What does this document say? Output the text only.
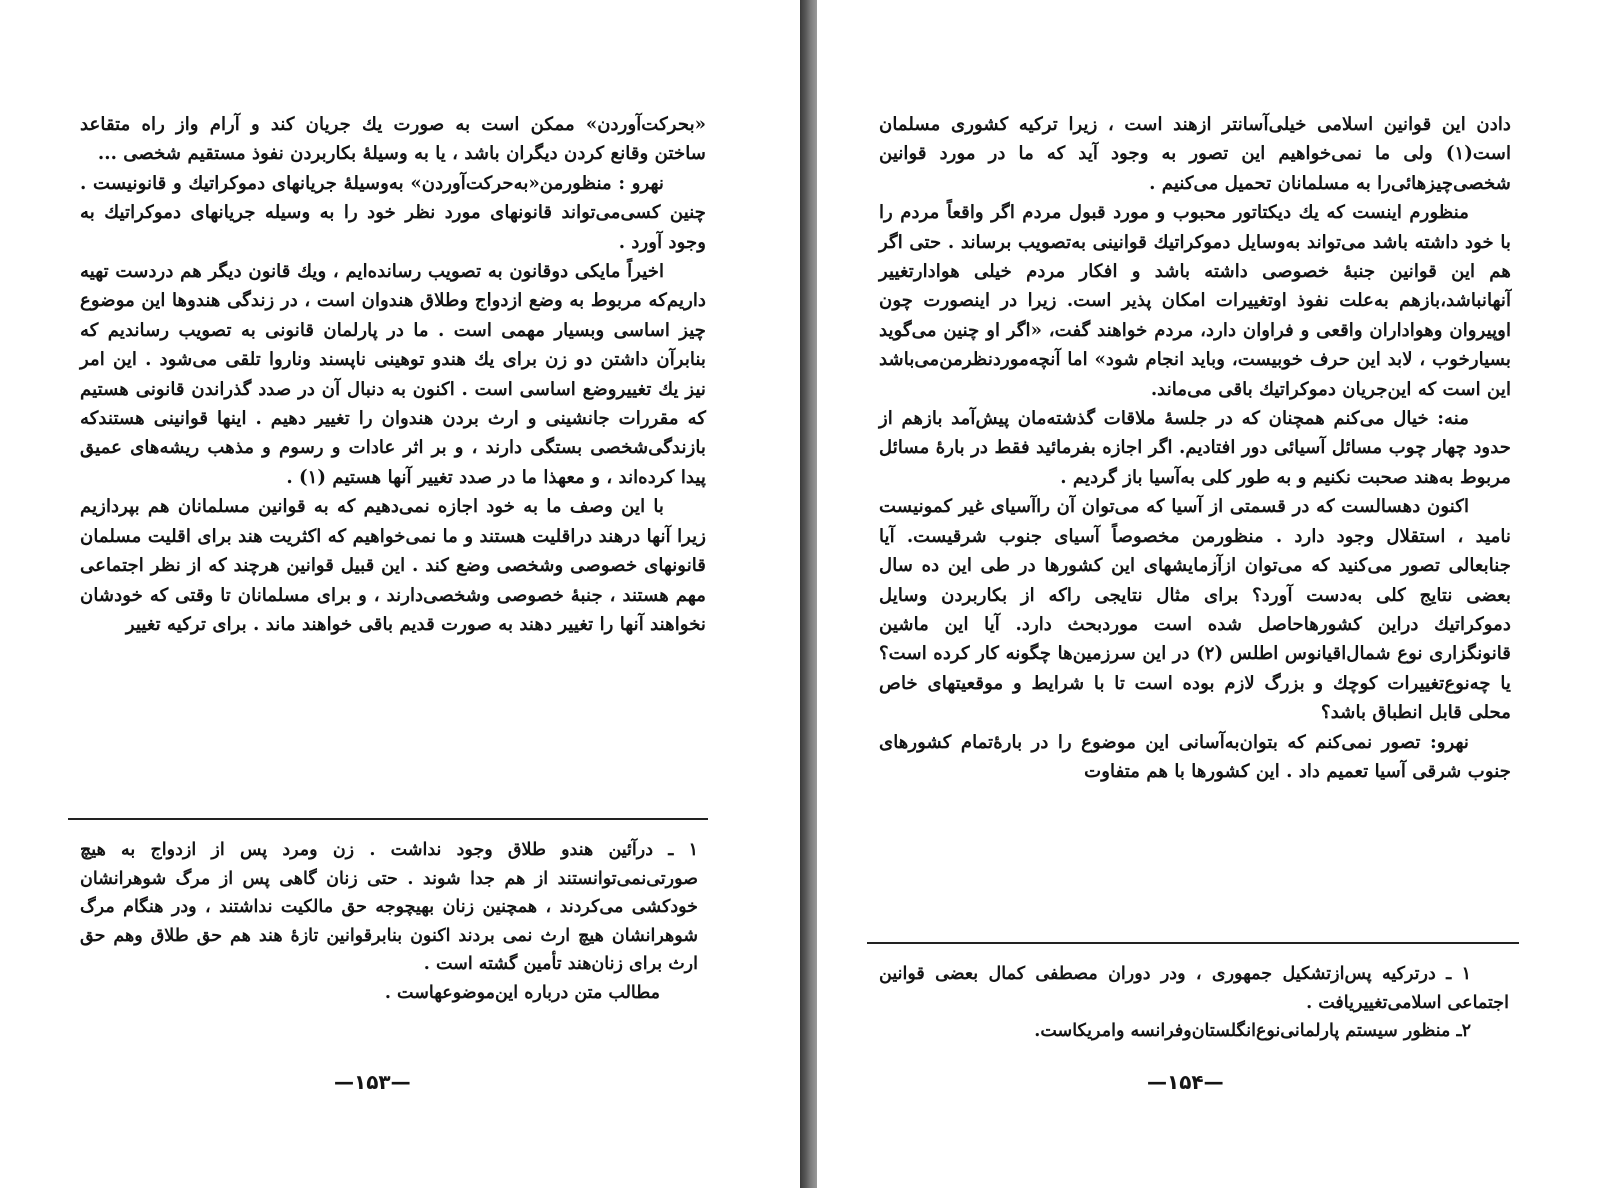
«بحرکت‌آوردن» ممکن است به صورت یك جریان کند و آرام واز راه متقاعد ساختن وقانع کردن دیگران باشد ، یا به وسیلهٔ بکاربردن نفوذ مستقیم شخصی ...

نهرو : منظورمن«به‌حرکت‌آوردن» به‌وسیلهٔ جریانهای دموکراتیك و قانونیست . چنین کسی‌می‌تواند قانونهای مورد نظر خود را به وسیله جریانهای دموکراتیك به وجود آورد .

اخیراً مایکی دوقانون به تصویب رسانده‌ایم ، ویك قانون دیگر هم دردست تهیه داریم‌که مربوط به وضع ازدواج وطلاق هندوان است ، در زندگی هندوها این موضوع چیز اساسی وبسیار مهمی است . ما در پارلمان قانونی به تصویب رساندیم که بنابرآن داشتن دو زن برای یك هندو توهینی ناپسند وناروا تلقی می‌شود . این امر نیز یك تغییروضع اساسی است . اکنون به دنبال آن در صدد گذراندن قانونی هستیم که مقررات جانشینی و ارث بردن هندوان را تغییر دهیم . اینها قوانینی هستندکه بازندگی‌شخصی بستگی دارند ، و بر اثر عادات و رسوم و مذهب ریشه‌های عمیق پیدا کرده‌اند ، و معهذا ما در صدد تغییر آنها هستیم (۱) .

با این وصف ما به خود اجازه نمی‌دهیم که به قوانین مسلمانان هم بپردازیم زیرا آنها درهند دراقلیت هستند و ما نمی‌خواهیم که اکثریت هند برای اقلیت مسلمان قانونهای خصوصی وشخصی وضع کند . این قبیل قوانین هرچند که از نظر اجتماعی مهم هستند ، جنبهٔ خصوصی وشخصی‌دارند ، و برای مسلمانان تا وقتی که خودشان نخواهند آنها را تغییر دهند به صورت قدیم باقی خواهند ماند . برای ترکیه تغییر

۱ ـ درآئین هندو طلاق وجود نداشت . زن ومرد پس از ازدواج به هیچ صورتی‌نمی‌توانستند از هم جدا شوند . حتی زنان گاهی پس از مرگ شوهرانشان خودکشی می‌کردند ، همچنین زنان بهیچوجه حق مالکیت نداشتند ، ودر هنگام مرگ شوهرانشان هیچ ارث نمی بردند اکنون بنابرقوانین تازهٔ هند هم حق طلاق وهم حق ارث برای زنان‌هند تأمین گشته است .

مطالب متن درباره این‌موضوعهاست .

—۱۵۳—

دادن این قوانین اسلامی خیلی‌آسانتر ازهند است ، زیرا ترکیه کشوری مسلمان است(۱) ولی ما نمی‌خواهیم این تصور به وجود آید که ما در مورد قوانین شخصی‌چیزهائی‌را به مسلمانان تحمیل می‌کنیم .

منظورم اینست که یك دیکتاتور محبوب و مورد قبول مردم اگر واقعاً مردم را با خود داشته باشد می‌تواند به‌وسایل دموکراتیك قوانینی به‌تصویب برساند . حتی اگر هم این قوانین جنبهٔ خصوصی داشته باشد و افکار مردم خیلی هوادارتغییر آنهانباشد،بازهم به‌علت نفوذ اوتغییرات امکان پذیر است. زیرا در اینصورت چون اوپیروان وهواداران واقعی و فراوان دارد، مردم خواهند گفت، «اگر او چنین می‌گوید بسیارخوب ، لابد این حرف خوبیست، وباید انجام شود» اما آنچه‌موردنظرمن‌می‌باشد این است که این‌جریان دموکراتیك باقی می‌ماند.

منه: خیال می‌کنم همچنان که در جلسهٔ ملاقات گذشته‌مان پیش‌آمد بازهم از حدود چهار چوب مسائل آسیائی دور افتادیم. اگر اجازه بفرمائید فقط در بارهٔ مسائل مربوط به‌هند صحبت نکنیم و به طور کلی به‌آسیا باز گردیم .

اکنون دهسالست که در قسمتی از آسیا که می‌توان آن راآسیای غیر کمونیست نامید ، استقلال وجود دارد . منظورمن مخصوصاً آسیای جنوب شرقیست. آیا جنابعالی تصور می‌کنید که می‌توان ازآزمایشهای این کشورها در طی این ده سال بعضی نتایج کلی به‌دست آورد؟ برای مثال نتایجی راکه از بکاربردن وسایل دموکراتیك دراین کشورهاحاصل شده است موردبحث دارد. آیا این ماشین قانونگزاری نوع شمال‌اقیانوس اطلس (۲) در این سرزمین‌ها چگونه کار کرده است؟ یا چه‌نوع‌تغییرات کوچك و بزرگ لازم بوده است تا با شرایط و موقعیتهای خاص محلی قابل انطباق باشد؟

نهرو: تصور نمی‌کنم که بتوان‌به‌آسانی این موضوع را در بارهٔ‌تمام کشورهای جنوب شرقی آسیا تعمیم داد . این کشورها با هم متفاوت

۱ ـ درترکیه پس‌ازتشکیل جمهوری ، ودر دوران مصطفی کمال بعضی قوانین اجتماعی اسلامی‌تغییریافت .

۲ـ منظور سیستم پارلمانی‌نوع‌انگلستان‌وفرانسه وامریکاست.

—۱۵۴—
